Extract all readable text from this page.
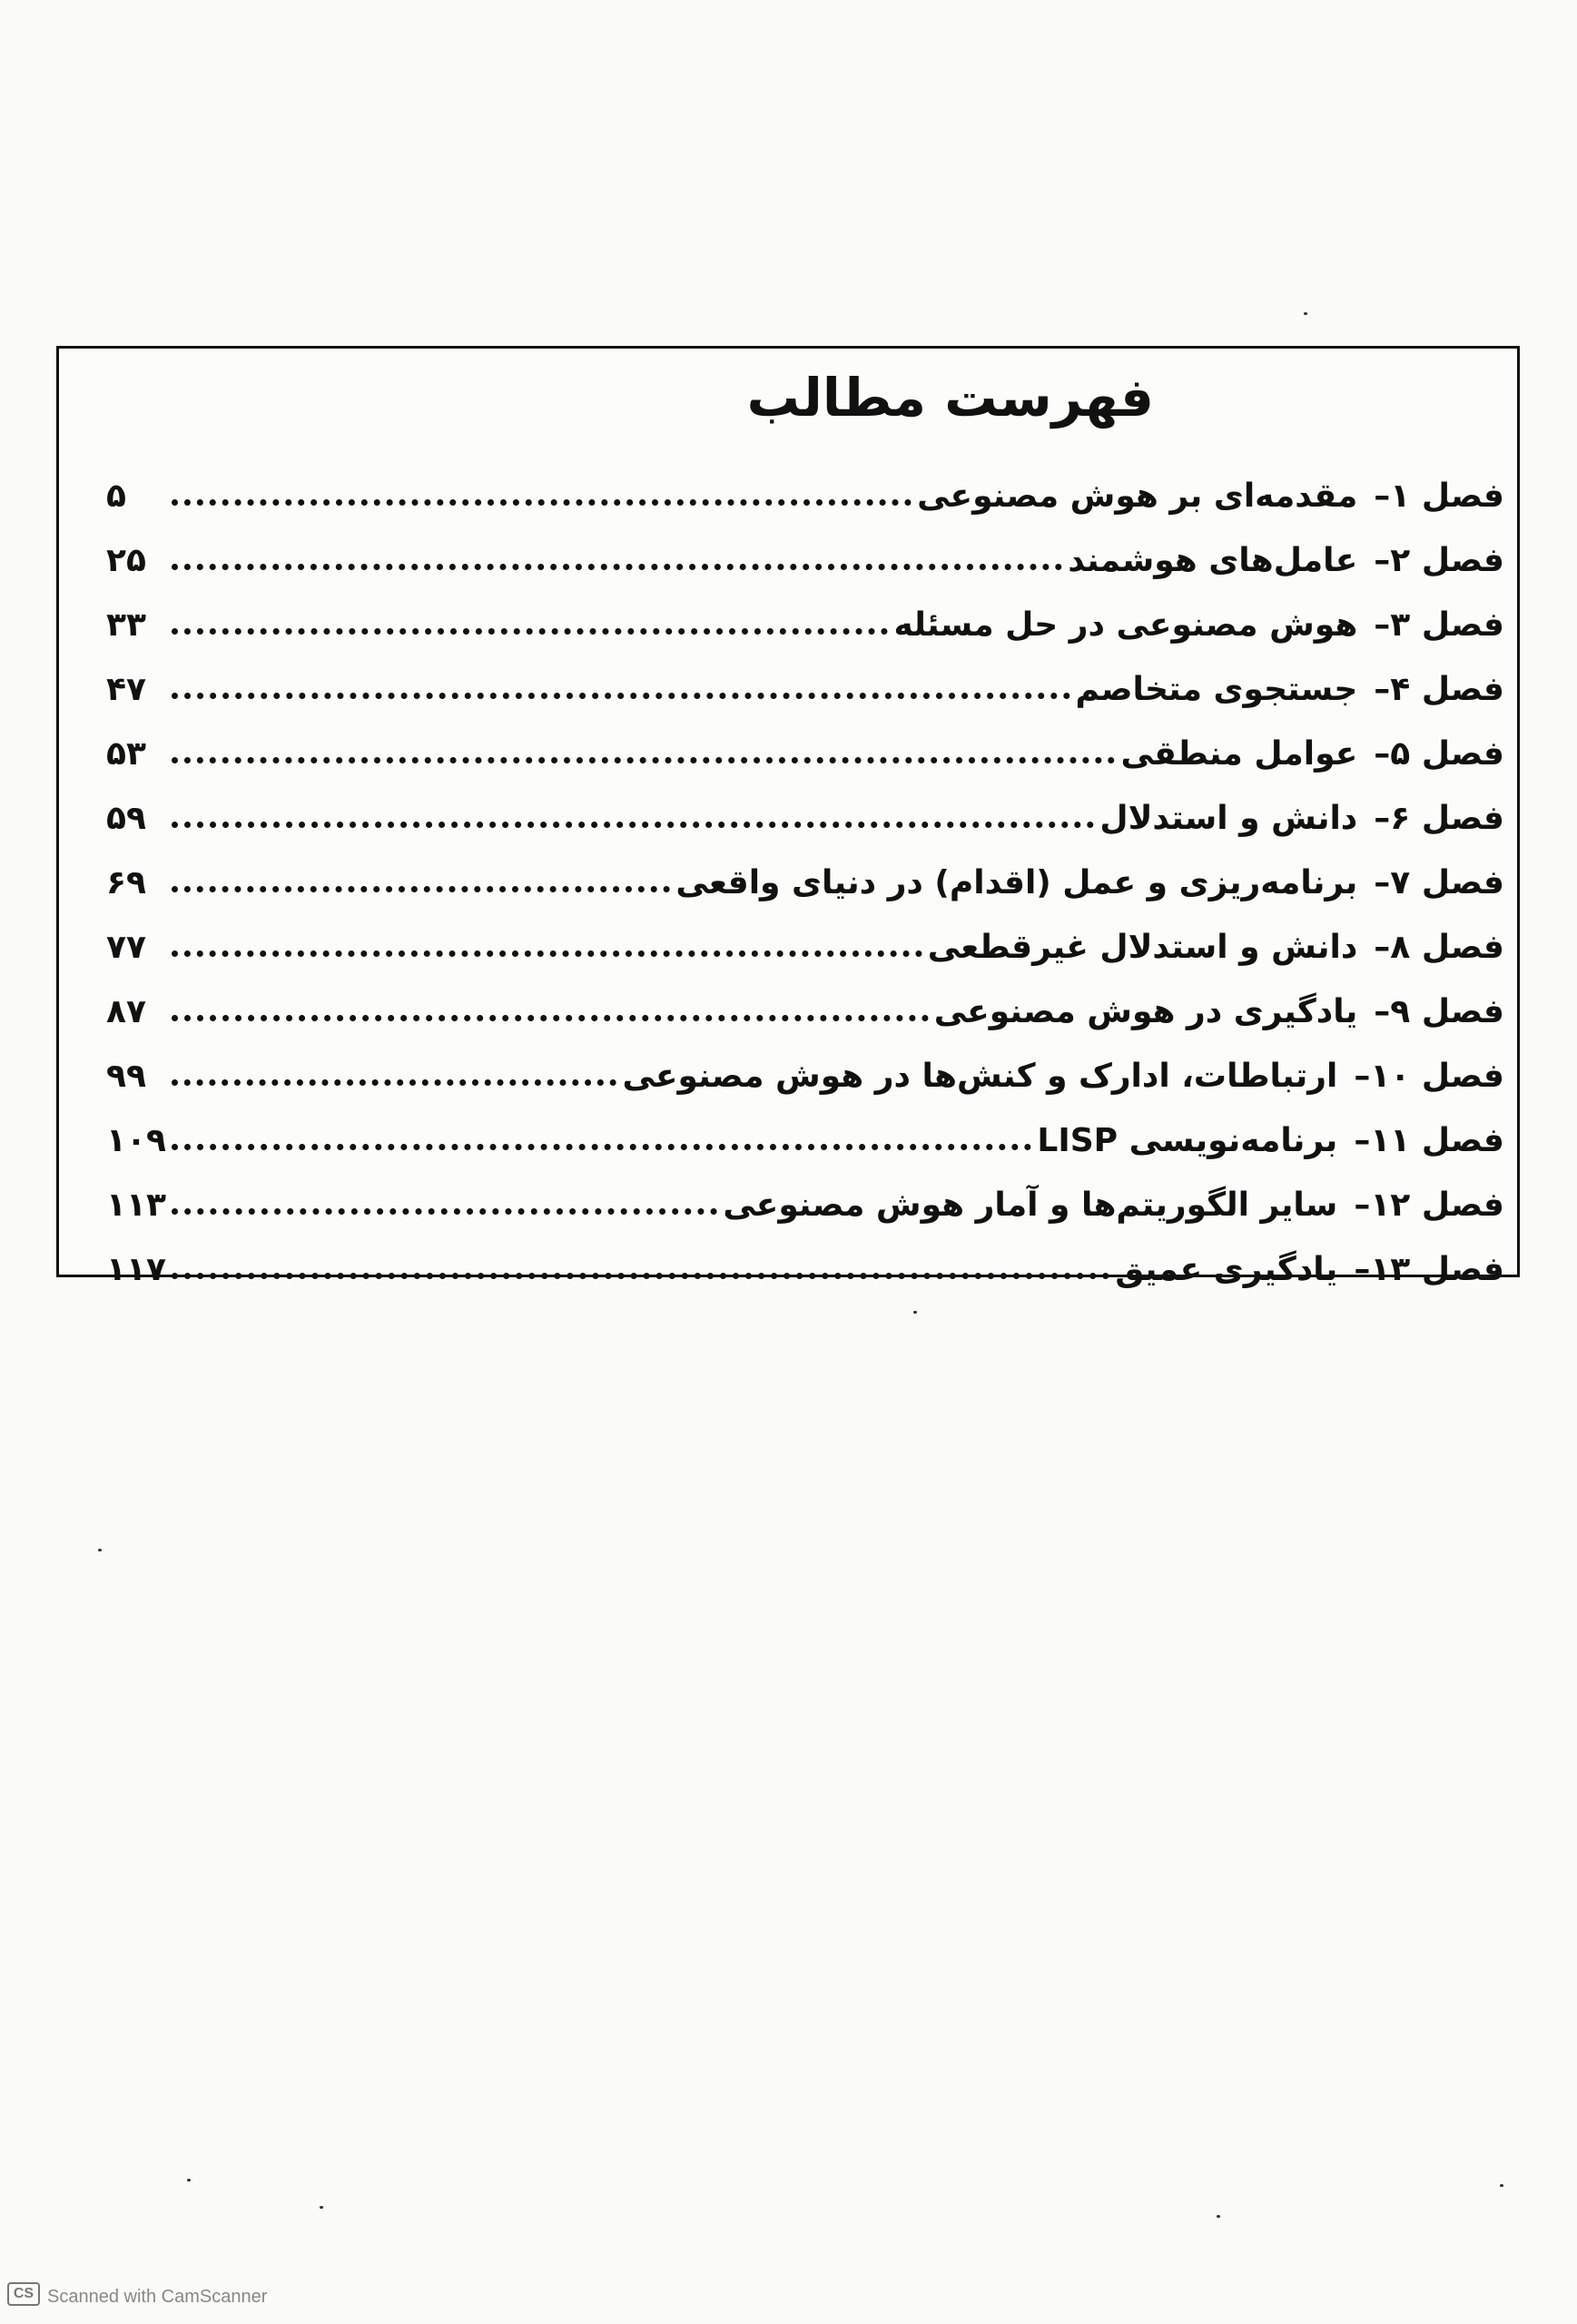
فهرست مطالب
فصل ۱–
مقدمه‌ای بر هوش مصنوعی
۵
فصل ۲–
عامل‌های هوشمند
۲۵
فصل ۳–
هوش مصنوعی در حل مسئله
۳۳
فصل ۴–
جستجوی متخاصم
۴۷
فصل ۵–
عوامل منطقی
۵۳
فصل ۶–
دانش و استدلال
۵۹
فصل ۷–
برنامه‌ریزی و عمل (اقدام) در دنیای واقعی
۶۹
فصل ۸–
دانش و استدلال غیرقطعی
۷۷
فصل ۹–
یادگیری در هوش مصنوعی
۸۷
فصل ۱۰–
ارتباطات، ادارک و کنش‌ها در هوش مصنوعی
۹۹
فصل ۱۱–
برنامه‌نویسی LISP
۱۰۹
فصل ۱۲–
سایر الگوریتم‌ها و آمار هوش مصنوعی
۱۱۳
فصل ۱۳–
یادگیری عمیق
۱۱۷
CS Scanned with CamScanner
